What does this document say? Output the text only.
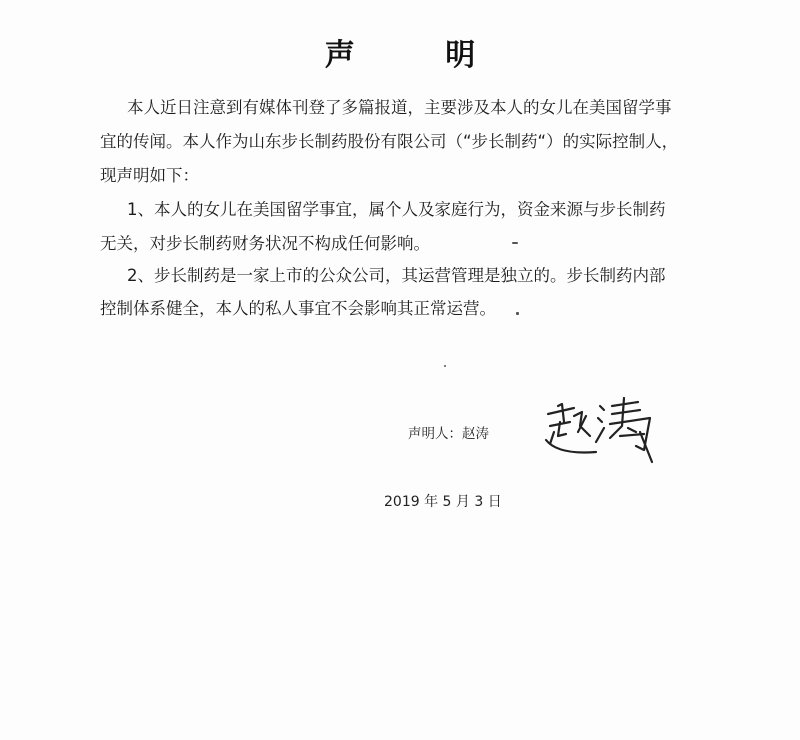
声 明
本人近日注意到有媒体刊登了多篇报道，主要涉及本人的女儿在美国留学事
宜的传闻。本人作为山东步长制药股份有限公司（“步长制药“）的实际控制人，
现声明如下：
1、本人的女儿在美国留学事宜，属个人及家庭行为，资金来源与步长制药
无关，对步长制药财务状况不构成任何影响。
2、步长制药是一家上市的公众公司，其运营管理是独立的。步长制药内部
控制体系健全，本人的私人事宜不会影响其正常运营。
声明人：赵涛
2019 年 5 月 3 日
